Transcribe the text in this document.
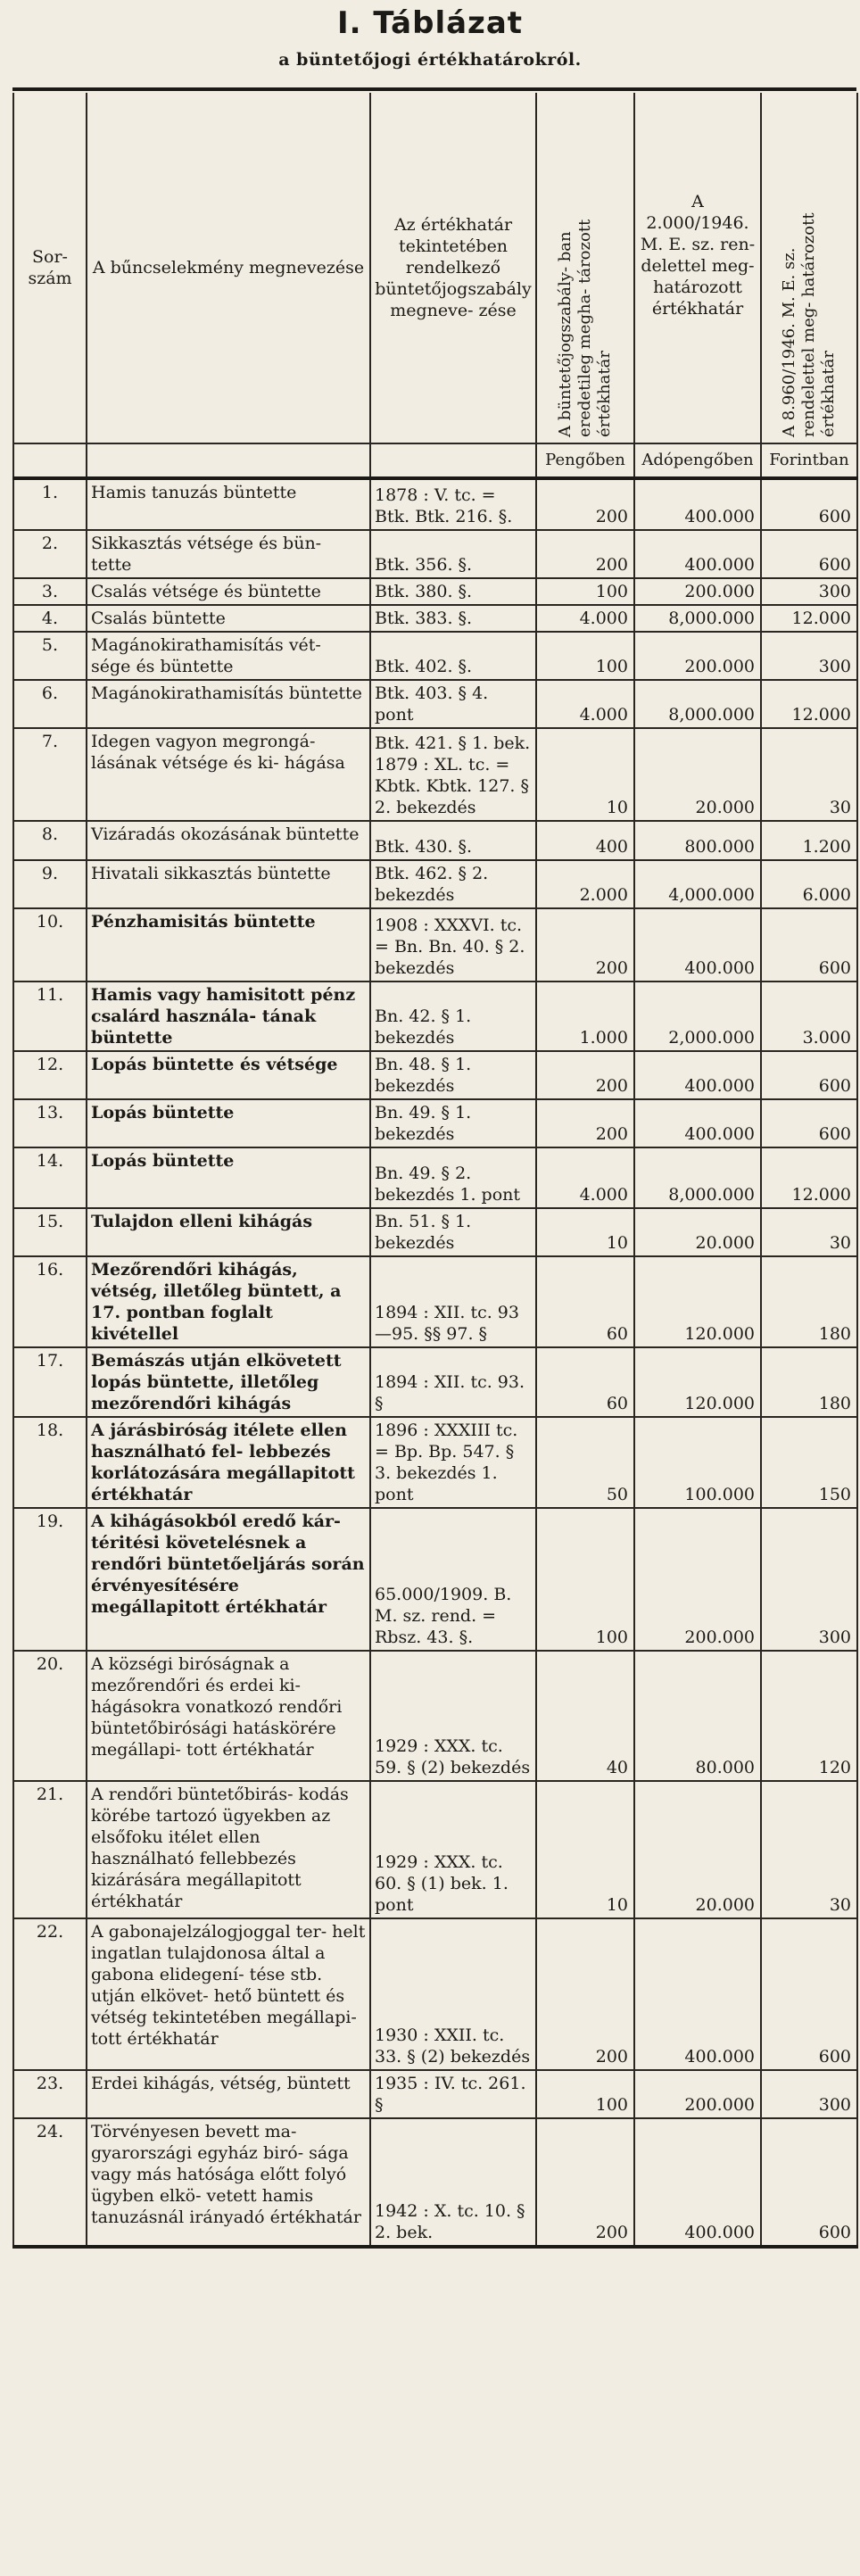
I. Táblázat
a büntetőjogi értékhatárokról.
Sor- szám	A bűncselekmény megnevezése	Az értékhatár tekintetében rendelkező büntetőjogszabály megneve- zése	A büntetőjogszabály- ban eredetileg megha- tározott értékhatár	A 2.000/1946. M. E. sz. ren- delettel meg- határozott értékhatár	A 8.960/1946. M. E. sz. rendelettel meg- határozott értékhatár

			Pengőben	Adópengőben	Forintban
1.	Hamis tanuzás büntette	1878 : V. tc. = Btk. Btk. 216. §.	200	400.000	600
2.	Sikkasztás vétsége és bün- tette	Btk. 356. §.	200	400.000	600
3.	Csalás vétsége és büntette	Btk. 380. §.	100	200.000	300
4.	Csalás büntette	Btk. 383. §.	4.000	8,000.000	12.000
5.	Magánokirathamisítás vét- sége és büntette	Btk. 402. §.	100	200.000	300
6.	Magánokirathamisítás büntette	Btk. 403. § 4. pont	4.000	8,000.000	12.000
7.	Idegen vagyon megrongá- lásának vétsége és ki- hágása	Btk. 421. § 1. bek. 1879 : XL. tc. = Kbtk. Kbtk. 127. § 2. bekezdés	10	20.000	30
8.	Vizáradás okozásának büntette	Btk. 430. §.	400	800.000	1.200
9.	Hivatali sikkasztás büntette	Btk. 462. § 2. bekezdés	2.000	4,000.000	6.000
10.	Pénzhamisitás büntette	1908 : XXXVI. tc. = Bn. Bn. 40. § 2. bekezdés	200	400.000	600
11.	Hamis vagy hamisitott pénz csalárd használa- tának büntette	Bn. 42. § 1. bekezdés	1.000	2,000.000	3.000
12.	Lopás büntette és vétsége	Bn. 48. § 1. bekezdés	200	400.000	600
13.	Lopás büntette	Bn. 49. § 1. bekezdés	200	400.000	600
14.	Lopás büntette	Bn. 49. § 2. bekezdés 1. pont	4.000	8,000.000	12.000
15.	Tulajdon elleni kihágás	Bn. 51. § 1. bekezdés	10	20.000	30
16.	Mezőrendőri kihágás, vétség, illetőleg büntett, a 17. pontban foglalt kivétellel	1894 : XII. tc. 93—95. §§ 97. §	60	120.000	180
17.	Bemászás utján elkövetett lopás büntette, illetőleg mezőrendőri kihágás	1894 : XII. tc. 93. §	60	120.000	180
18.	A járásbiróság itélete ellen használható fel- lebbezés korlátozására megállapitott értékhatár	1896 : XXXIII tc. = Bp. Bp. 547. § 3. bekezdés 1. pont	50	100.000	150
19.	A kihágásokból eredő kár- téritési követelésnek a rendőri büntetőeljárás során érvényesítésére megállapitott értékhatár	65.000/1909. B. M. sz. rend. = Rbsz. 43. §.	100	200.000	300
20.	A községi biróságnak a mezőrendőri és erdei ki- hágásokra vonatkozó rendőri büntetőbirósági hatáskörére megállapi- tott értékhatár	1929 : XXX. tc. 59. § (2) bekezdés	40	80.000	120
21.	A rendőri büntetőbirás- kodás körébe tartozó ügyekben az elsőfoku itélet ellen használható fellebbezés kizárására megállapitott értékhatár	1929 : XXX. tc. 60. § (1) bek. 1. pont	10	20.000	30
22.	A gabonajelzálogjoggal ter- helt ingatlan tulajdonosa által a gabona elidegení- tése stb. utján elkövet- hető büntett és vétség tekintetében megállapi- tott értékhatár	1930 : XXII. tc. 33. § (2) bekezdés	200	400.000	600
23.	Erdei kihágás, vétség, büntett	1935 : IV. tc. 261. §	100	200.000	300
24.	Törvényesen bevett ma- gyarországi egyház biró- sága vagy más hatósága előtt folyó ügyben elkö- vetett hamis tanuzásnál irányadó értékhatár	1942 : X. tc. 10. § 2. bek.	200	400.000	600
